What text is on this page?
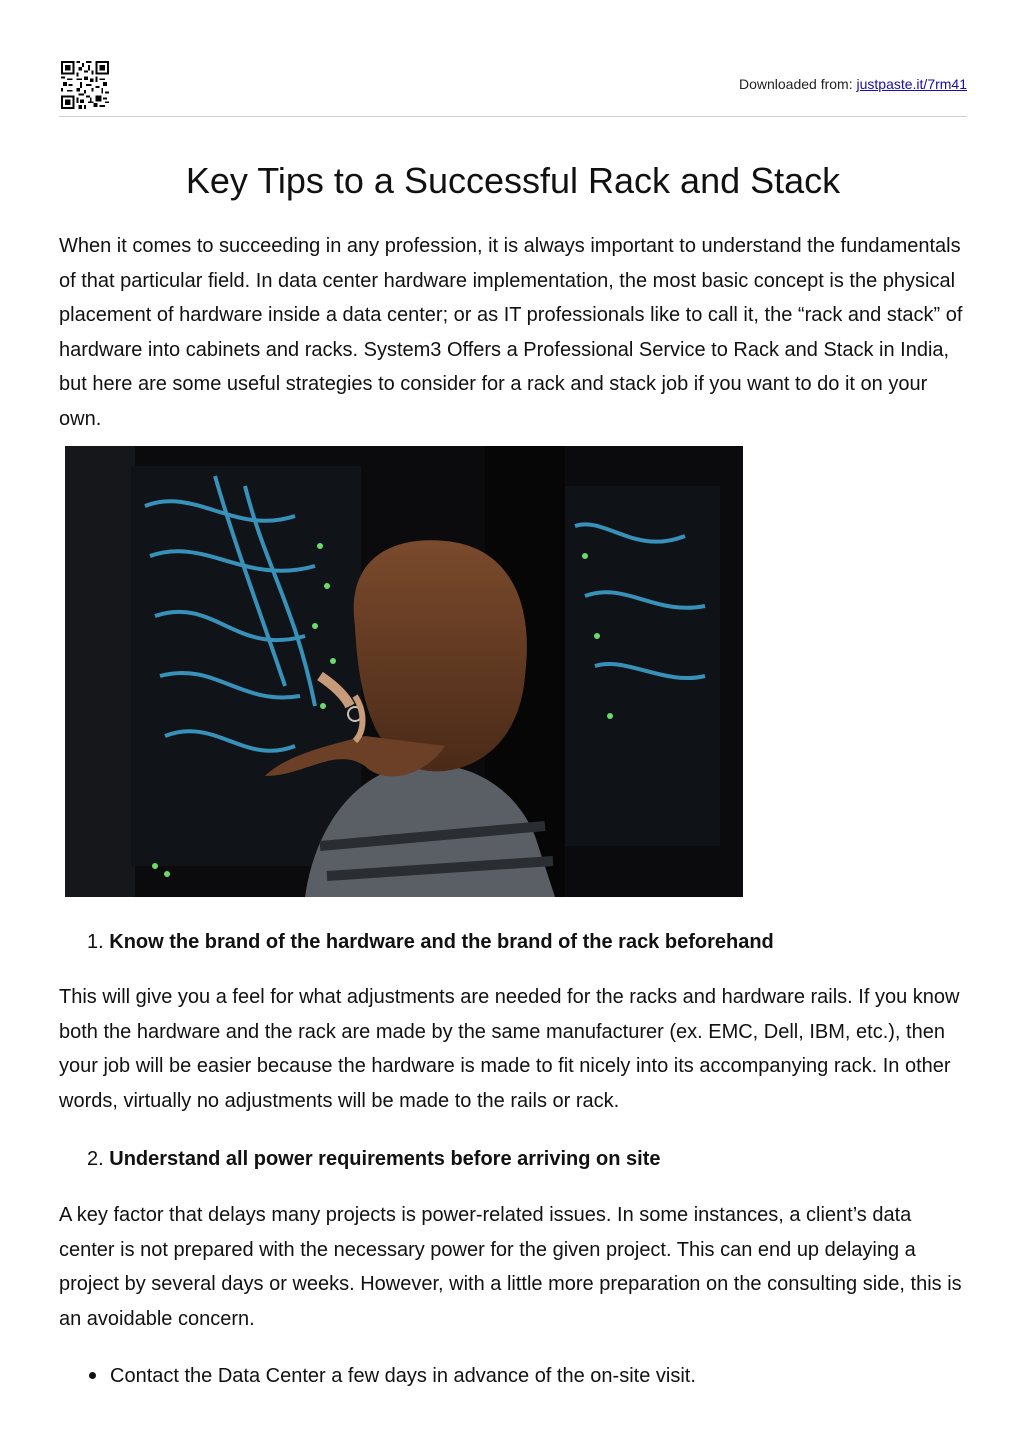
Downloaded from: justpaste.it/7rm41
Key Tips to a Successful Rack and Stack

When it comes to succeeding in any profession, it is always important to understand the fundamentals of that particular field. In data center hardware implementation, the most basic concept is the physical placement of hardware inside a data center; or as IT professionals like to call it, the “rack and stack” of hardware into cabinets and racks. System3 Offers a Professional Service to Rack and Stack in India, but here are some useful strategies to consider for a rack and stack job if you want to do it on your own.

1. Know the brand of the hardware and the brand of the rack beforehand

This will give you a feel for what adjustments are needed for the racks and hardware rails. If you know both the hardware and the rack are made by the same manufacturer (ex. EMC, Dell, IBM, etc.), then your job will be easier because the hardware is made to fit nicely into its accompanying rack. In other words, virtually no adjustments will be made to the rails or rack.

2. Understand all power requirements before arriving on site

A key factor that delays many projects is power-related issues. In some instances, a client’s data center is not prepared with the necessary power for the given project. This can end up delaying a project by several days or weeks. However, with a little more preparation on the consulting side, this is an avoidable concern.

Contact the Data Center a few days in advance of the on-site visit.
